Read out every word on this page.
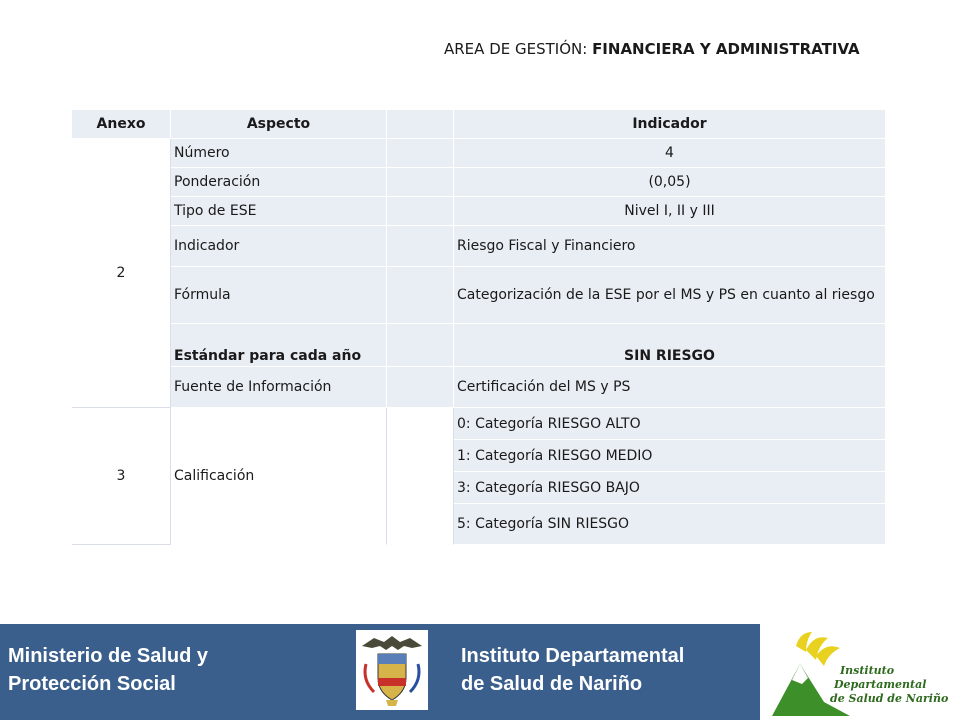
AREA DE GESTIÓN: FINANCIERA Y ADMINISTRATIVA
Anexo	Aspecto		Indicador
2	Número		4
	Ponderación		(0,05)
	Tipo de ESE		Nivel I, II y III
	Indicador		Riesgo Fiscal y Financiero
	Fórmula		Categorización de la ESE por el MS y PS en cuanto al riesgo
	Estándar para cada año		SIN RIESGO
	Fuente de Información		Certificación del MS y PS
3	Calificación		0: Categoría RIESGO ALTO
			1: Categoría RIESGO MEDIO
			3: Categoría RIESGO BAJO
			5: Categoría SIN RIESGO
Ministerio de Salud y
Protección Social
Instituto Departamental
de Salud de Nariño
Instituto
Departamental
de Salud de Nariño
